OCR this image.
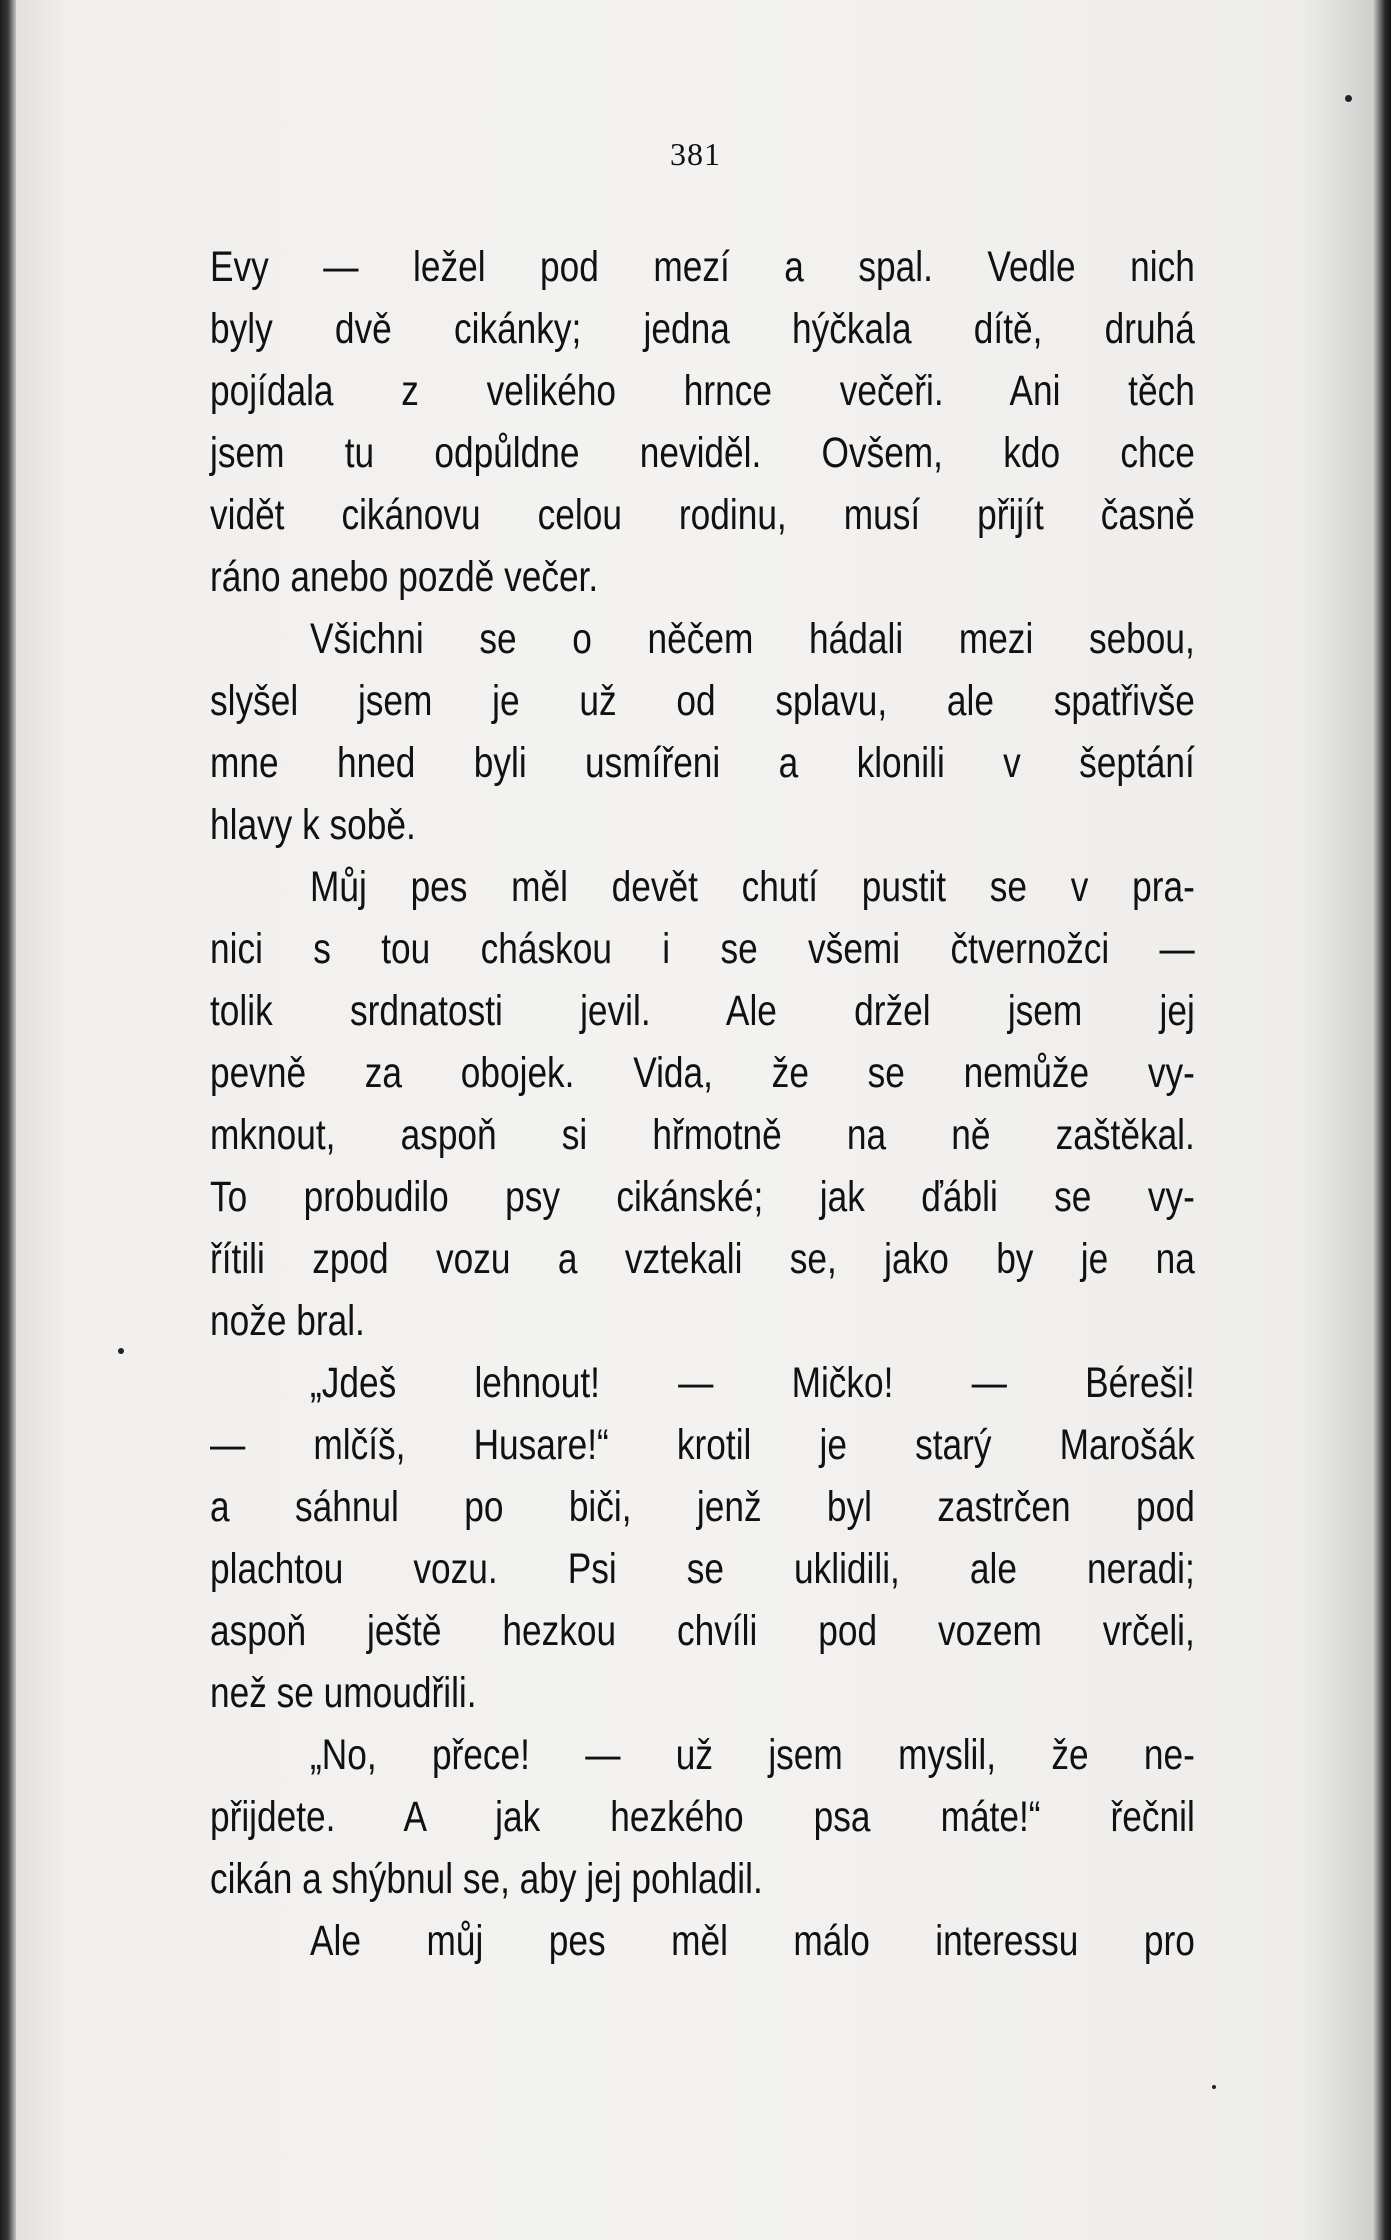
381
Evy — ležel pod mezí a spal. Vedle nich
byly dvě cikánky; jedna hýčkala dítě, druhá
pojídala z velikého hrnce večeři. Ani těch
jsem tu odpůldne neviděl. Ovšem, kdo chce
vidět cikánovu celou rodinu, musí přijít časně
ráno anebo pozdě večer.
Všichni se o něčem hádali mezi sebou,
slyšel jsem je už od splavu, ale spatřivše
mne hned byli usmířeni a klonili v šeptání
hlavy k sobě.
Můj pes měl devět chutí pustit se v pra-
nici s tou cháskou i se všemi čtvernožci —
tolik srdnatosti jevil. Ale držel jsem jej
pevně za obojek. Vida, že se nemůže vy-
mknout, aspoň si hřmotně na ně zaštěkal.
To probudilo psy cikánské; jak ďábli se vy-
řítili zpod vozu a vztekali se, jako by je na
nože bral.
„Jdeš lehnout! — Mičko! — Béreši!
— mlčíš, Husare!“ krotil je starý Marošák
a sáhnul po biči, jenž byl zastrčen pod
plachtou vozu. Psi se uklidili, ale neradi;
aspoň ještě hezkou chvíli pod vozem vrčeli,
než se umoudřili.
„No, přece! — už jsem myslil, že ne-
přijdete. A jak hezkého psa máte!“ řečnil
cikán a shýbnul se, aby jej pohladil.
Ale můj pes měl málo interessu pro
